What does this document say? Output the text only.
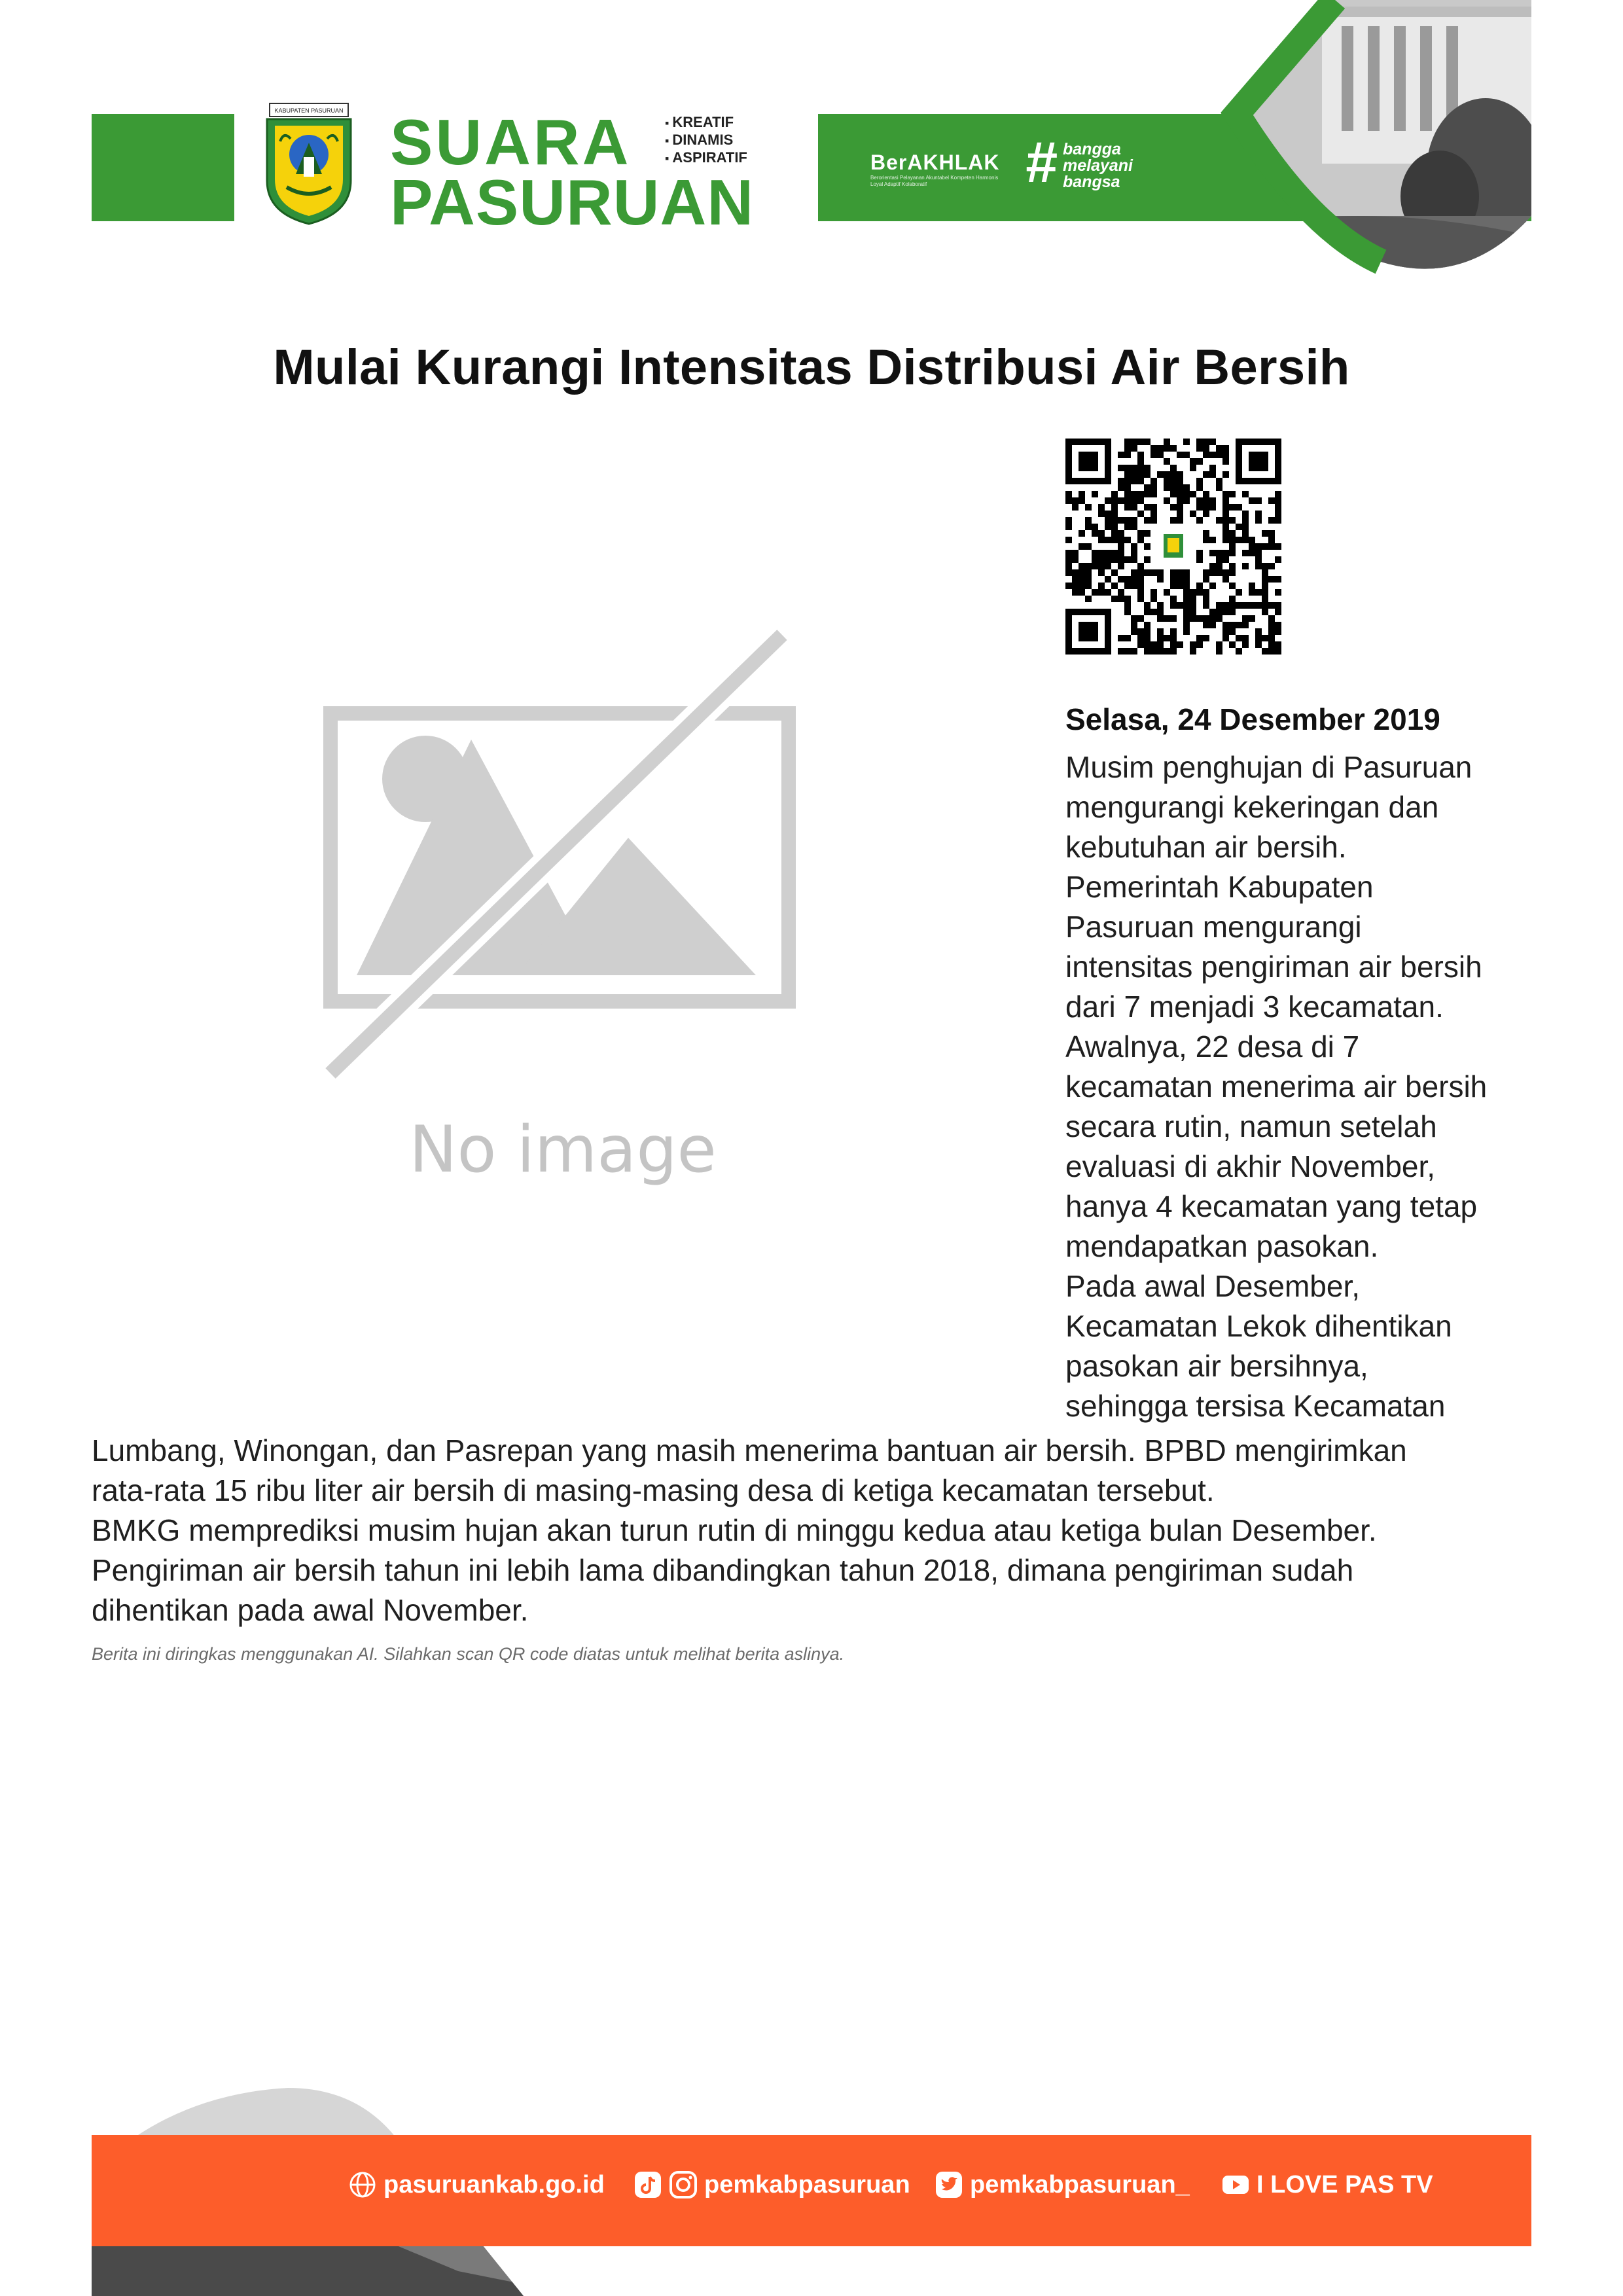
KABUPATEN PASURUAN SUARA
PASURUAN
▪ KREATIF
▪ DINAMIS
▪ ASPIRATIF	BerAKHLAK
Berorientasi Pelayanan Akuntabel Kompeten Harmonis Loyal Adaptif Kolaboratif	# bangga
melayani
bangsa
Mulai Kurangi Intensitas Distribusi Air Bersih
No image
Selasa, 24 Desember 2019
Musim penghujan di Pasuruan
mengurangi kekeringan dan
kebutuhan air bersih.
Pemerintah Kabupaten
Pasuruan mengurangi
intensitas pengiriman air bersih
dari 7 menjadi 3 kecamatan.
Awalnya, 22 desa di 7
kecamatan menerima air bersih
secara rutin, namun setelah
evaluasi di akhir November,
hanya 4 kecamatan yang tetap
mendapatkan pasokan.
Pada awal Desember,
Kecamatan Lekok dihentikan
pasokan air bersihnya,
sehingga tersisa Kecamatan
Lumbang, Winongan, dan Pasrepan yang masih menerima bantuan air bersih. BPBD mengirimkan
rata-rata 15 ribu liter air bersih di masing-masing desa di ketiga kecamatan tersebut.
BMKG memprediksi musim hujan akan turun rutin di minggu kedua atau ketiga bulan Desember.
Pengiriman air bersih tahun ini lebih lama dibandingkan tahun 2018, dimana pengiriman sudah
dihentikan pada awal November.
Berita ini diringkas menggunakan AI. Silahkan scan QR code diatas untuk melihat berita aslinya.
pasuruankab.go.id	pemkabpasuruan pemkabpasuruan_	I LOVE PAS TV
